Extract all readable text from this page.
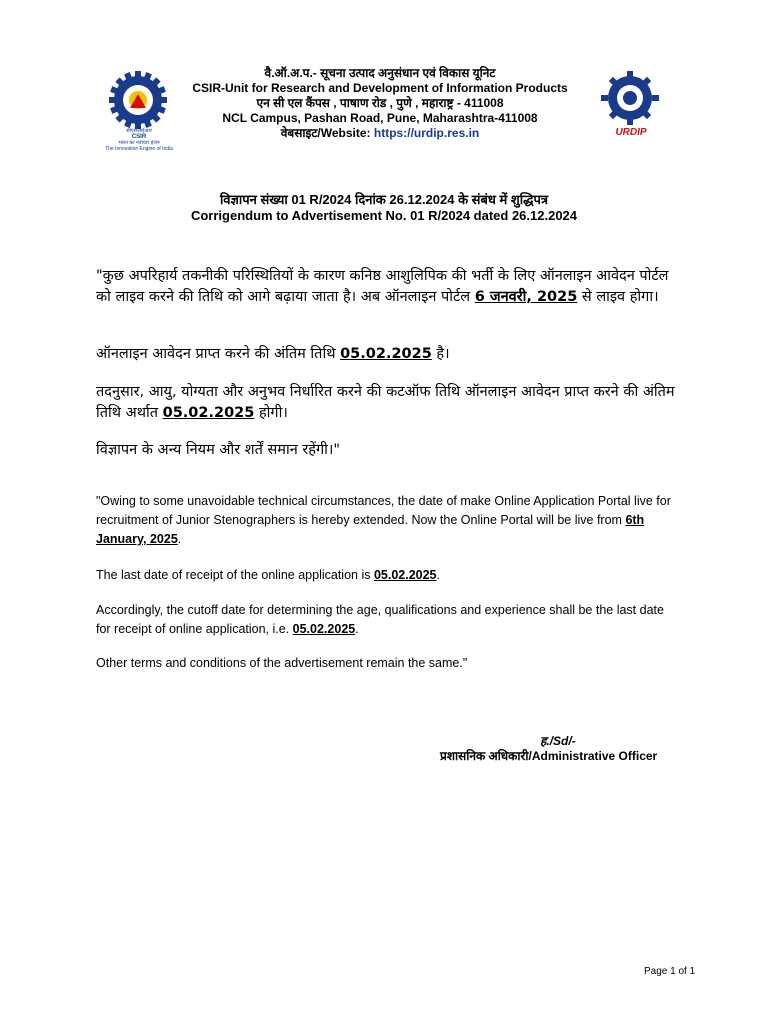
सीएसआईआर
CSIR
भारत का नवाचार इंजन
The Innovation Engine of India
URDIP
वै.ऑ.अ.प.- सूचना उत्पाद अनुसंधान एवं विकास यूनिट
CSIR-Unit for Research and Development of Information Products
एन सी एल कैंपस , पाषाण रोड , पुणे , महाराष्ट्र - 411008
NCL Campus, Pashan Road, Pune, Maharashtra-411008
वेबसाइट/Website: https://urdip.res.in
विज्ञापन संख्या 01 R/2024 दिनांक 26.12.2024 के संबंध में शुद्धिपत्र
Corrigendum to Advertisement No. 01 R/2024 dated 26.12.2024
"कुछ अपरिहार्य तकनीकी परिस्थितियों के कारण कनिष्ठ आशुलिपिक की भर्ती के लिए ऑनलाइन आवेदन पोर्टल को लाइव करने की तिथि को आगे बढ़ाया जाता है। अब ऑनलाइन पोर्टल 6 जनवरी, 2025 से लाइव होगा।
ऑनलाइन आवेदन प्राप्त करने की अंतिम तिथि 05.02.2025 है।
तदनुसार, आयु, योग्यता और अनुभव निर्धारित करने की कटऑफ तिथि ऑनलाइन आवेदन प्राप्त करने की अंतिम तिथि अर्थात 05.02.2025 होगी।
विज्ञापन के अन्य नियम और शर्तें समान रहेंगी।"
"Owing to some unavoidable technical circumstances, the date of make Online Application Portal live for recruitment of Junior Stenographers is hereby extended. Now the Online Portal will be live from 6th January, 2025.
The last date of receipt of the online application is 05.02.2025.
Accordingly, the cutoff date for determining the age, qualifications and experience shall be the last date for receipt of online application, i.e. 05.02.2025.
Other terms and conditions of the advertisement remain the same."
ह./Sd/-
प्रशासनिक अधिकारी/Administrative Officer
Page 1 of 1
